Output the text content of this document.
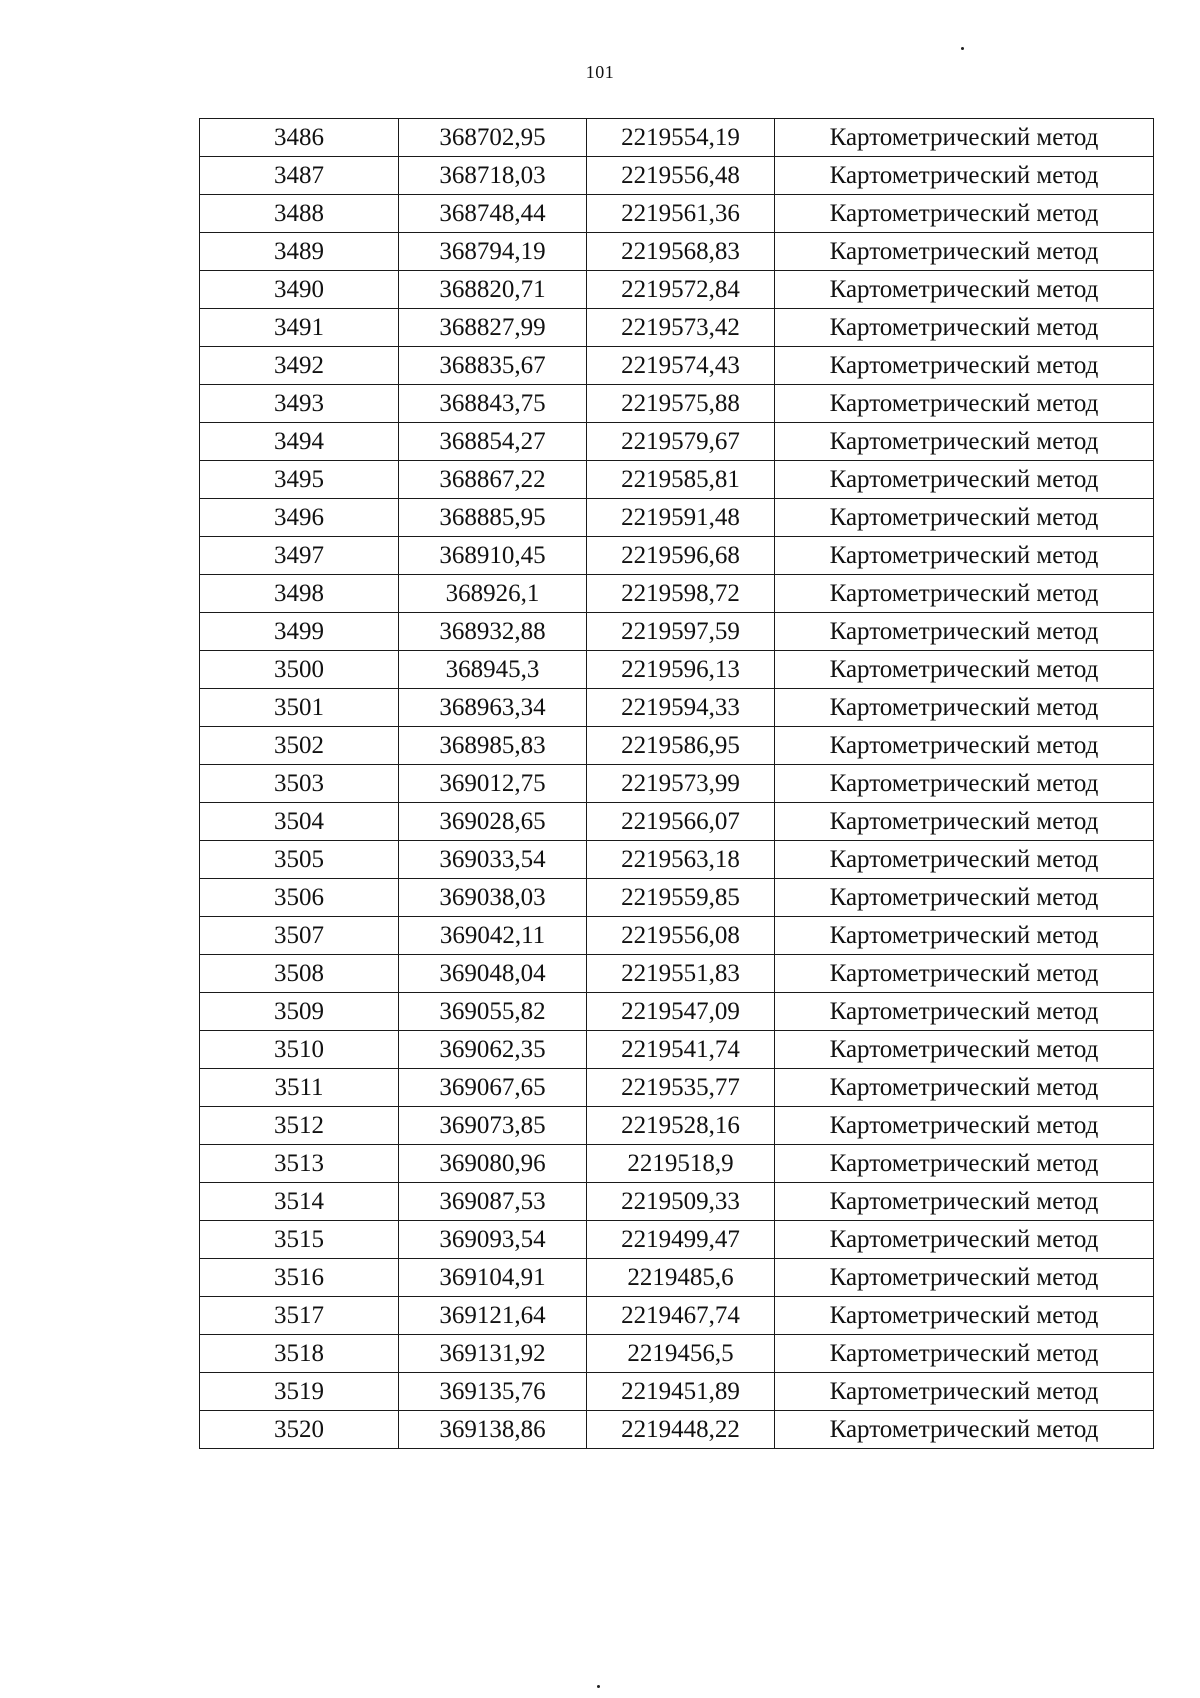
101
3486	368702,95	2219554,19	Картометрический метод
3487	368718,03	2219556,48	Картометрический метод
3488	368748,44	2219561,36	Картометрический метод
3489	368794,19	2219568,83	Картометрический метод
3490	368820,71	2219572,84	Картометрический метод
3491	368827,99	2219573,42	Картометрический метод
3492	368835,67	2219574,43	Картометрический метод
3493	368843,75	2219575,88	Картометрический метод
3494	368854,27	2219579,67	Картометрический метод
3495	368867,22	2219585,81	Картометрический метод
3496	368885,95	2219591,48	Картометрический метод
3497	368910,45	2219596,68	Картометрический метод
3498	368926,1	2219598,72	Картометрический метод
3499	368932,88	2219597,59	Картометрический метод
3500	368945,3	2219596,13	Картометрический метод
3501	368963,34	2219594,33	Картометрический метод
3502	368985,83	2219586,95	Картометрический метод
3503	369012,75	2219573,99	Картометрический метод
3504	369028,65	2219566,07	Картометрический метод
3505	369033,54	2219563,18	Картометрический метод
3506	369038,03	2219559,85	Картометрический метод
3507	369042,11	2219556,08	Картометрический метод
3508	369048,04	2219551,83	Картометрический метод
3509	369055,82	2219547,09	Картометрический метод
3510	369062,35	2219541,74	Картометрический метод
3511	369067,65	2219535,77	Картометрический метод
3512	369073,85	2219528,16	Картометрический метод
3513	369080,96	2219518,9	Картометрический метод
3514	369087,53	2219509,33	Картометрический метод
3515	369093,54	2219499,47	Картометрический метод
3516	369104,91	2219485,6	Картометрический метод
3517	369121,64	2219467,74	Картометрический метод
3518	369131,92	2219456,5	Картометрический метод
3519	369135,76	2219451,89	Картометрический метод
3520	369138,86	2219448,22	Картометрический метод
